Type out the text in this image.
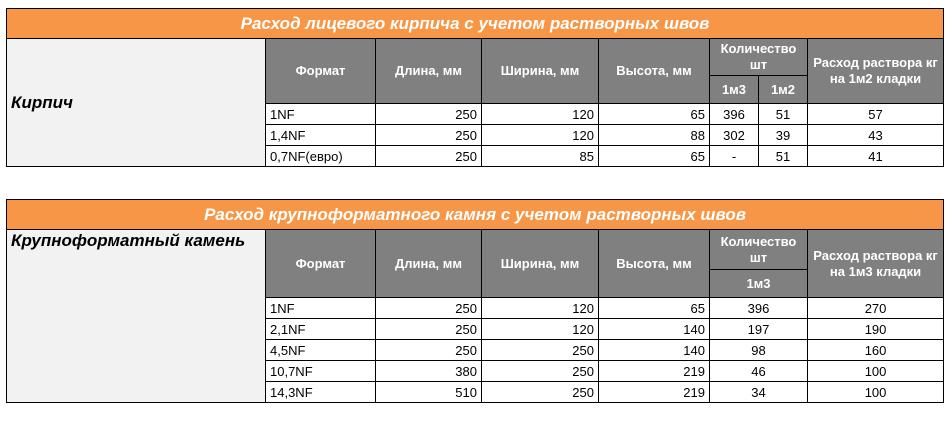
Расход лицевого кирпича с учетом растворных швов							
Кирпич	Формат	Длина, мм	Ширина, мм	Высота, мм	Количество шт		Расход раствора кг на 1м2 кладки
					1м3	1м2	
	1NF	250	120	65	396	51	57
	1,4NF	250	120	88	302	39	43
	0,7NF(евро)	250	85	65	-	51	41
Расход крупноформатного камня с учетом растворных швов						
Крупноформатный камень	Формат	Длина, мм	Ширина, мм	Высота, мм	Количество шт	Расход раствора кг на 1м3 кладки
					1м3	
	1NF	250	120	65	396	270
	2,1NF	250	120	140	197	190
	4,5NF	250	250	140	98	160
	10,7NF	380	250	219	46	100
	14,3NF	510	250	219	34	100
